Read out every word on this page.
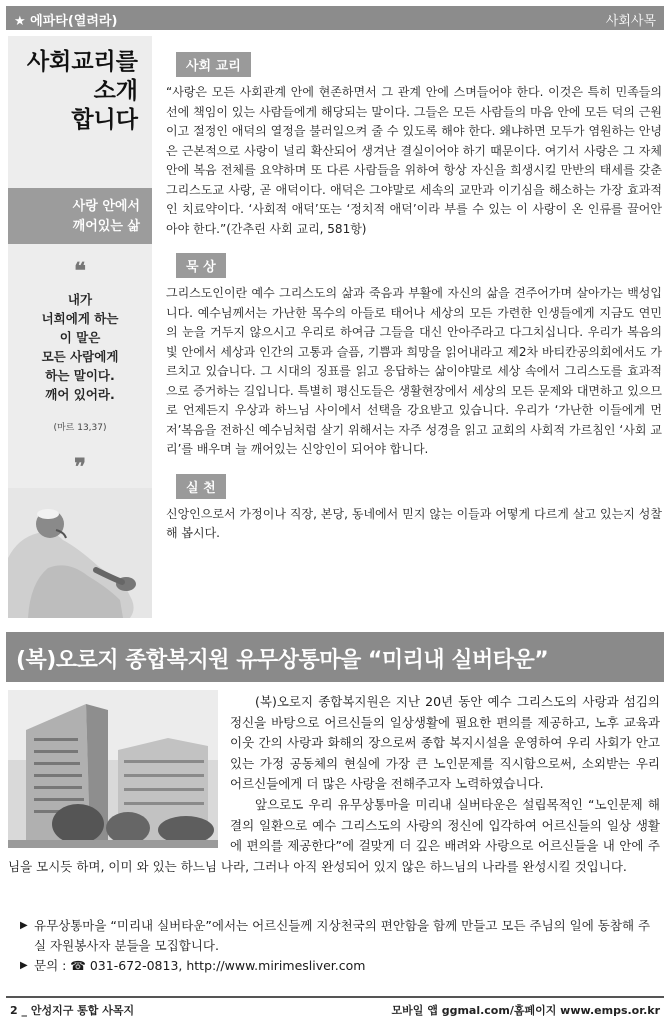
★ 에파타(열려라)	사회사목
사회교리를
소개
합니다
사랑 안에서
깨어있는 삶
❝
내가
너희에게 하는
이 말은
모든 사람에게
하는 말이다.
깨어 있어라.
(마르 13,37)
❞
사회 교리

“사랑은 모든 사회관계 안에 현존하면서 그 관계 안에 스며들어야 한다. 이것은 특히 민족들의 선에 책임이 있는 사람들에게 해당되는 말이다. 그들은 모든 사람들의 마음 안에 모든 덕의 근원이고 절정인 애덕의 열정을 불러일으켜 줄 수 있도록 해야 한다. 왜냐하면 모두가 염원하는 안녕은 근본적으로 사랑이 널리 확산되어 생겨난 결실이어야 하기 때문이다. 여기서 사랑은 그 자체 안에 복음 전체를 요약하며 또 다른 사람들을 위하여 항상 자신을 희생시킬 만반의 태세를 갖춘 그리스도교 사랑, 곧 애덕이다. 애덕은 그야말로 세속의 교만과 이기심을 해소하는 가장 효과적인 치료약이다. ‘사회적 애덕’또는 ‘정치적 애덕’이라 부를 수 있는 이 사랑이 온 인류를 끌어안아야 한다.”(간추린 사회 교리, 581항)

묵 상

그리스도인이란 예수 그리스도의 삶과 죽음과 부활에 자신의 삶을 견주어가며 살아가는 백성입니다. 예수님께서는 가난한 목수의 아들로 태어나 세상의 모든 가련한 인생들에게 지금도 연민의 눈을 거두지 않으시고 우리로 하여금 그들을 대신 안아주라고 다그치십니다. 우리가 복음의 빛 안에서 세상과 인간의 고통과 슬픔, 기쁨과 희망을 읽어내라고 제2차 바티칸공의회에서도 가르치고 있습니다. 그 시대의 징표를 읽고 응답하는 삶이야말로 세상 속에서 그리스도를 효과적으로 증거하는 길입니다. 특별히 평신도들은 생활현장에서 세상의 모든 문제와 대면하고 있으므로 언제든지 우상과 하느님 사이에서 선택을 강요받고 있습니다. 우리가 ‘가난한 이들에게 먼저’복음을 전하신 예수님처럼 살기 위해서는 자주 성경을 읽고 교회의 사회적 가르침인 ‘사회 교리’를 배우며 늘 깨어있는 신앙인이 되어야 합니다.

실 천

신앙인으로서 가정이나 직장, 본당, 동네에서 믿지 않는 이들과 어떻게 다르게 살고 있는지 성찰해 봅시다.

(복)오로지 종합복지원 유무상통마을 “미리내 실버타운”

  (복)오로지 종합복지원은 지난 20년 동안 예수 그리스도의 사랑과 섬김의 정신을 바탕으로 어르신들의 일상생활에 필요한 편의를 제공하고, 노후 교육과 이웃 간의 사랑과 화해의 장으로써 종합 복지시설을 운영하여 우리 사회가 안고 있는 가정 공동체의 현실에 가장 큰 노인문제를 직시함으로써, 소외받는 우리 어르신들에게 더 많은 사랑을 전해주고자 노력하였습니다.

  앞으로도 우리 유무상통마을 미리내 실버타운은 설립목적인 “노인문제 해결의 일환으로 예수 그리스도의 사랑의 정신에 입각하여 어르신들의 일상 생활에 편의를 제공한다”에 걸맞게 더 깊은 배려와 사랑으로 어르신들을 내 안에 주님을 모시듯 하며, 이미 와 있는 하느님 나라, 그러나 아직 완성되어 있지 않은 하느님의 나라를 완성시킬 것입니다.

▶ 유무상통마을 “미리내 실버타운”에서는 어르신들께 지상천국의 편안함을 함께 만들고 모든 주님의 일에 동참해 주실 자원봉사자 분들을 모집합니다.
▶ 문의 : ☎ 031-672-0813, http://www.mirimesliver.com
2 _ 안성지구 통합 사목지	모바일 앱 ggmal.com/홈페이지 www.emps.or.kr
